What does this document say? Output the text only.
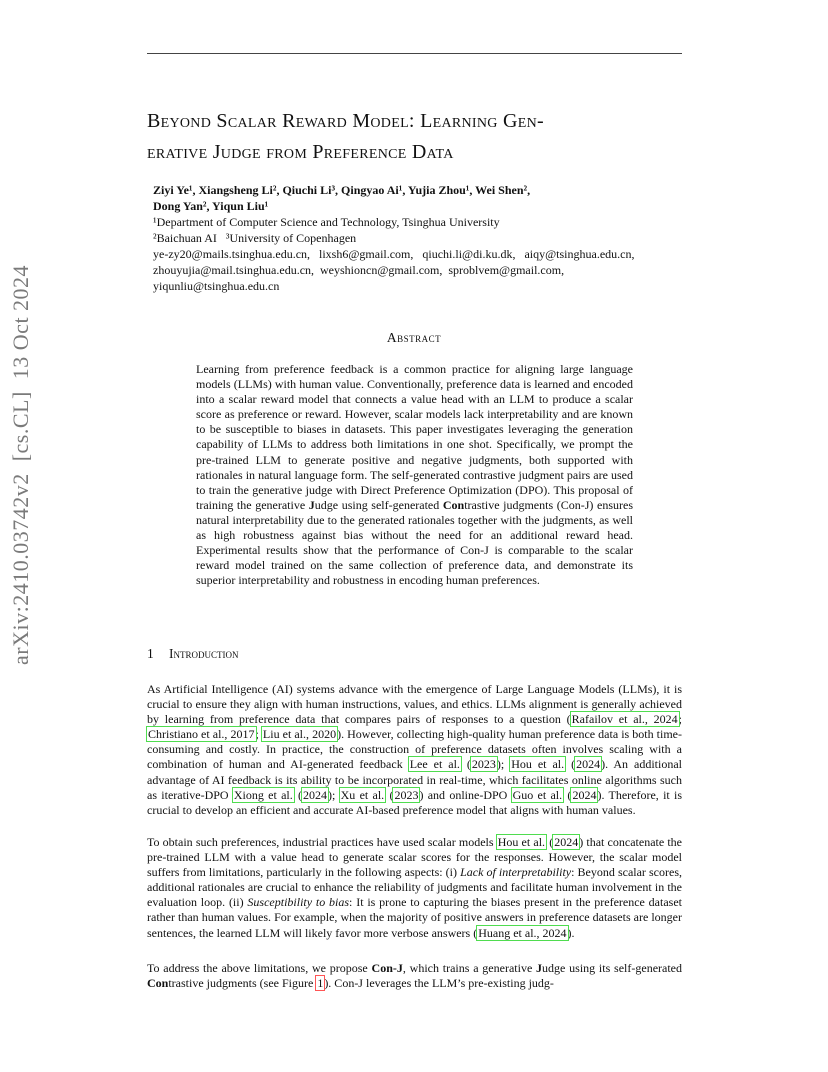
arXiv:2410.03742v2[cs.CL]13 Oct 2024
Beyond Scalar Reward Model: Learning Gen-
erative Judge from Preference Data
Ziyi Ye¹, Xiangsheng Li², Qiuchi Li³, Qingyao Ai¹, Yujia Zhou¹, Wei Shen²,
Dong Yan², Yiqun Liu¹
¹Department of Computer Science and Technology, Tsinghua University
²Baichuan AI   ³University of Copenhagen
ye-zy20@mails.tsinghua.edu.cn,   lixsh6@gmail.com,   qiuchi.li@di.ku.dk,   aiqy@tsinghua.edu.cn,
zhouyujia@mail.tsinghua.edu.cn,  weyshioncn@gmail.com,  sproblvem@gmail.com,
yiqunliu@tsinghua.edu.cn
Abstract
Learning from preference feedback is a common practice for aligning large language models (LLMs) with human value. Conventionally, preference data is learned and encoded into a scalar reward model that connects a value head with an LLM to produce a scalar score as preference or reward. However, scalar models lack interpretability and are known to be susceptible to biases in datasets. This paper investigates leveraging the generation capability of LLMs to address both limitations in one shot. Specifically, we prompt the pre-trained LLM to generate positive and negative judgments, both supported with rationales in natural language form. The self-generated contrastive judgment pairs are used to train the generative judge with Direct Preference Optimization (DPO). This proposal of training the generative Judge using self-generated Contrastive judgments (Con-J) ensures natural interpretability due to the generated rationales together with the judgments, as well as high robustness against bias without the need for an additional reward head. Experimental results show that the performance of Con-J is comparable to the scalar reward model trained on the same collection of preference data, and demonstrate its superior interpretability and robustness in encoding human preferences.
1 Introduction
As Artificial Intelligence (AI) systems advance with the emergence of Large Language Models (LLMs), it is crucial to ensure they align with human instructions, values, and ethics. LLMs alignment is generally achieved by learning from preference data that compares pairs of responses to a question (Rafailov et al., 2024; Christiano et al., 2017; Liu et al., 2020). However, collecting high-quality human preference data is both time-consuming and costly. In practice, the construction of preference datasets often involves scaling with a combination of human and AI-generated feedback Lee et al. (2023); Hou et al. (2024). An additional advantage of AI feedback is its ability to be incorporated in real-time, which facilitates online algorithms such as iterative-DPO Xiong et al. (2024); Xu et al. (2023) and online-DPO Guo et al. (2024). Therefore, it is crucial to develop an efficient and accurate AI-based preference model that aligns with human values.
To obtain such preferences, industrial practices have used scalar models Hou et al. (2024) that concatenate the pre-trained LLM with a value head to generate scalar scores for the responses. However, the scalar model suffers from limitations, particularly in the following aspects: (i) Lack of interpretability: Beyond scalar scores, additional rationales are crucial to enhance the reliability of judgments and facilitate human involvement in the evaluation loop. (ii) Susceptibility to bias: It is prone to capturing the biases present in the preference dataset rather than human values. For example, when the majority of positive answers in preference datasets are longer sentences, the learned LLM will likely favor more verbose answers (Huang et al., 2024).
To address the above limitations, we propose Con-J, which trains a generative Judge using its self-generated Contrastive judgments (see Figure 1). Con-J leverages the LLM’s pre-existing judg-
